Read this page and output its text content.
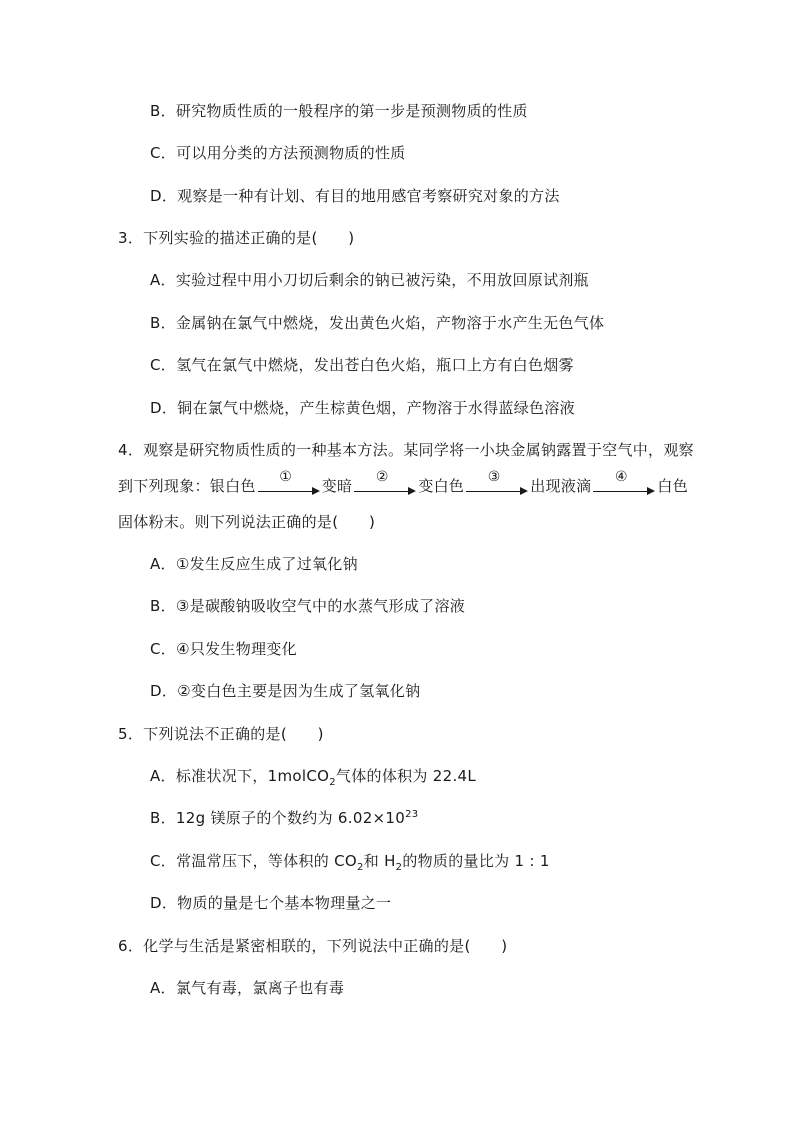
B．研究物质性质的一般程序的第一步是预测物质的性质
C．可以用分类的方法预测物质的性质
D．观察是一种有计划、有目的地用感官考察研究对象的方法
3．下列实验的描述正确的是(　　)
A．实验过程中用小刀切后剩余的钠已被污染，不用放回原试剂瓶
B．金属钠在氯气中燃烧，发出黄色火焰，产物溶于水产生无色气体
C．氢气在氯气中燃烧，发出苍白色火焰，瓶口上方有白色烟雾
D．铜在氯气中燃烧，产生棕黄色烟，产物溶于水得蓝绿色溶液
4．观察是研究物质性质的一种基本方法。某同学将一小块金属钠露置于空气中，观察
到下列现象：银白色	①	变暗	②	变白色	③	出现液滴	④	白色
固体粉末。则下列说法正确的是(　　)
A．①发生反应生成了过氧化钠
B．③是碳酸钠吸收空气中的水蒸气形成了溶液
C．④只发生物理变化
D．②变白色主要是因为生成了氢氧化钠
5．下列说法不正确的是(　　)
A．标准状况下，1molCO$_2$气体的体积为 22.4L
B．12g 镁原子的个数约为 $6.02\times 10^{23}$
C．常温常压下，等体积的 $CO_2$和 $H_2$的物质的量比为 1 : 1
D．物质的量是七个基本物理量之一
6．化学与生活是紧密相联的，下列说法中正确的是(　　)
A．氯气有毒，氯离子也有毒
